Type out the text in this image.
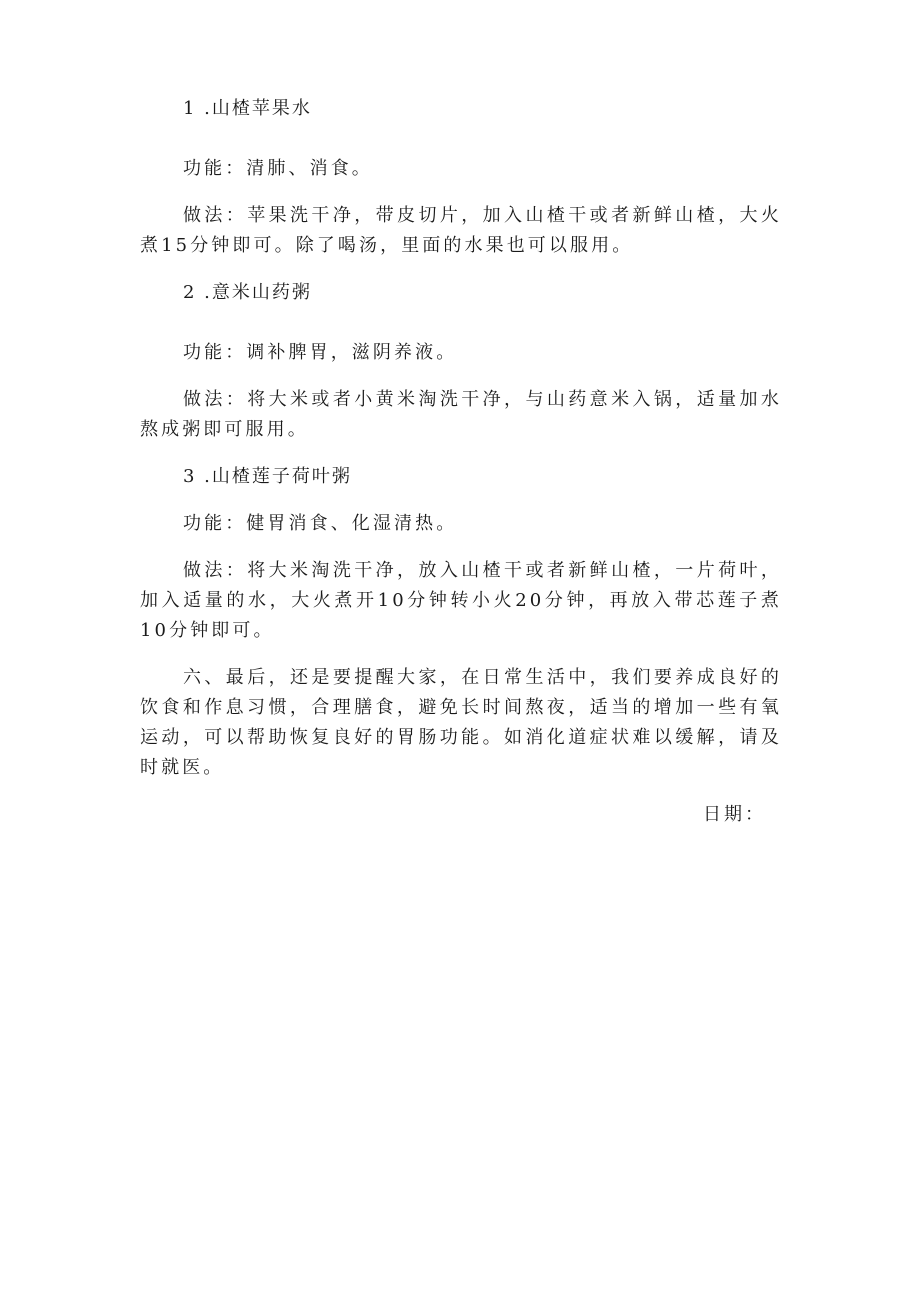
1 .山楂苹果水

功能：清肺、消食。

做法：苹果洗干净，带皮切片，加入山楂干或者新鲜山楂，大火煮15分钟即可。除了喝汤，里面的水果也可以服用。

2 .意米山药粥

功能：调补脾胃，滋阴养液。

做法：将大米或者小黄米淘洗干净，与山药意米入锅，适量加水熬成粥即可服用。

3 .山楂莲子荷叶粥

功能：健胃消食、化湿清热。

做法：将大米淘洗干净，放入山楂干或者新鲜山楂，一片荷叶，加入适量的水，大火煮开10分钟转小火20分钟，再放入带芯莲子煮10分钟即可。

六、最后，还是要提醒大家，在日常生活中，我们要养成良好的饮食和作息习惯，合理膳食，避免长时间熬夜，适当的增加一些有氧运动，可以帮助恢复良好的胃肠功能。如消化道症状难以缓解，请及时就医。

日期：
